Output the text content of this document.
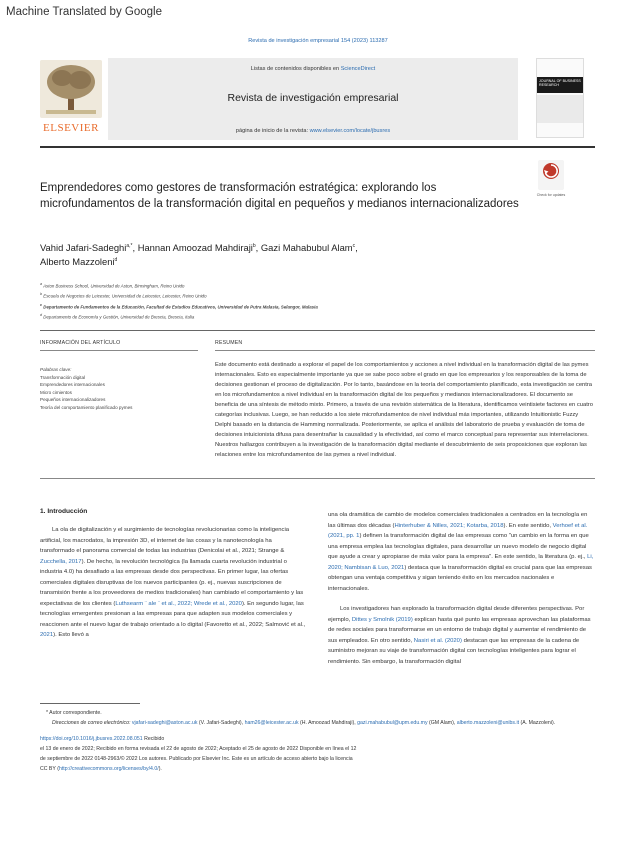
Machine Translated by Google
Revista de investigación empresarial 154 (2023) 113287
ELSEVIER
Listas de contenidos disponibles en ScienceDirect
Revista de investigación empresarial
página de inicio de la revista: www.elsevier.com/locate/jbusres
JOURNAL OF BUSINESS RESEARCH
Check for updates
Emprendedores como gestores de transformación estratégica: explorando los microfundamentos de la transformación digital en pequeños y medianos internacionalizadores
Vahid Jafari-Sadeghi$^{a,*}$, Hannan Amoozad Mahdiraji$^b$, Gazi Mahabubul Alam$^c$,
Alberto Mazzoleni$^d$
$^a$ Aston Business School, Universidad de Aston, Birmingham, Reino Unido
$^b$ Escuela de Negocios de Leicester, Universidad de Leicester, Leicester, Reino Unido
$^c$ Departamento de Fundamentos de la Educación, Facultad de Estudios Educativos, Universidad de Putra Malasia, Selangor, Malasia
$^d$ Departamento de Economía y Gestión, Universidad de Brescia, Brescia, Italia
INFORMACIÓN DEL ARTÍCULO
Palabras clave:
Transformación digital
Emprendedores internacionales
Micro cimientos
Pequeños internacionalizadores
Teoría del comportamiento planificado pymes
RESUMEN
Este documento está destinado a explorar el papel de los comportamientos y acciones a nivel individual en la transformación digital de las pymes internacionales. Esto es especialmente importante ya que se sabe poco sobre el grado en que los empresarios y los responsables de la toma de decisiones gestionan el proceso de digitalización. Por lo tanto, basándose en la teoría del comportamiento planificado, esta investigación se centra en los microfundamentos a nivel individual en la transformación digital de los pequeños y medianos internacionalizadores. El documento se beneficia de una síntesis de método mixto. Primero, a través de una revisión sistemática de la literatura, identificamos veintisiete factores en cuatro categorías inclusivas. Luego, se han reducido a los siete microfundamentos de nivel individual más importantes, utilizando Intuitionistic Fuzzy Delphi basado en la distancia de Hamming normalizada. Posteriormente, se aplica el análisis del laboratorio de prueba y evaluación de toma de decisiones intuicionista difusa para desentrañar la causalidad y la efectividad, así como el marco conceptual para representar sus interrelaciones. Nuestros hallazgos contribuyen a la investigación de la transformación digital mediante el descubrimiento de seis proposiciones que exploran las relaciones entre los microfundamentos de las pymes a nivel individual.
1. Introducción

La ola de digitalización y el surgimiento de tecnologías revolucionarias como la inteligencia artificial, los macrodatos, la impresión 3D, el internet de las cosas y la nanotecnología ha transformado el panorama comercial de todas las industrias (Denicolai et al., 2021; Strange & Zucchella, 2017). De hecho, la revolución tecnológica (la llamada cuarta revolución industrial o industria 4.0) ha desafiado a las empresas desde dos perspectivas. En primer lugar, las ofertas comerciales digitales disruptivas de los nuevos participantes (p. ej., nuevas suscripciones de transmisión frente a los proveedores de medios tradicionales) han cambiado el comportamiento y las expectativas de los clientes (Luthsearm ¨ ale ¨ et al., 2022; Wrede et al., 2020). En segundo lugar, las tecnologías emergentes presionan a las empresas para que adapten sus modelos comerciales y reaccionen ante el nuevo lugar de trabajo orientado a lo digital (Favoretto et al., 2022; Salmović et al., 2021). Esto llevó a

una ola dramática de cambio de modelos comerciales tradicionales a centrados en la tecnología en las últimas dos décadas (Hinterhuber & Nilles, 2021; Kotarba, 2018). En este sentido, Verhoef et al. (2021, pp. 1) definen la transformación digital de las empresas como "un cambio en la forma en que una empresa emplea las tecnologías digitales, para desarrollar un nuevo modelo de negocio digital que ayude a crear y apropiarse de más valor para la empresa". En este sentido, la literatura (p. ej., Li, 2020; Nambisan & Luo, 2021) destaca que la transformación digital es crucial para que las empresas obtengan una ventaja competitiva y sigan teniendo éxito en los mercados nacionales e internacionales.

Los investigadores han explorado la transformación digital desde diferentes perspectivas. Por ejemplo, Dittes y Smolnik (2019) explican hasta qué punto las empresas aprovechan las plataformas de redes sociales para transformarse en un entorno de trabajo digital y aumentar el rendimiento de sus empleados. En otro sentido, Nasiri et al. (2020) destacan que las empresas de la cadena de suministro mejoran su viaje de transformación digital con tecnologías inteligentes para lograr el rendimiento. Sin embargo, la transformación digital

* Autor correspondiente.
Direcciones de correo electrónico: vjafari-sadeghi@aston.ac.uk (V. Jafari-Sadeghi), ham26@leicester.ac.uk (H. Amoozad Mahdiraji), gazi.mahabubul@upm.edu.my (GM Alam), alberto.mazzoleni@unibs.it (A. Mazzoleni).
https://doi.org/10.1016/j.jbusres.2022.08.051 Recibido
el 13 de enero de 2022; Recibido en forma revisada el 22 de agosto de 2022; Aceptado el 25 de agosto de 2022 Disponible en línea el 12 de septiembre de 2022 0148-2963/© 2022 Los autores. Publicado por Elsevier Inc. Este es un artículo de acceso abierto bajo la licencia CC BY (http://creativecommons.org/licenses/by/4.0/).
